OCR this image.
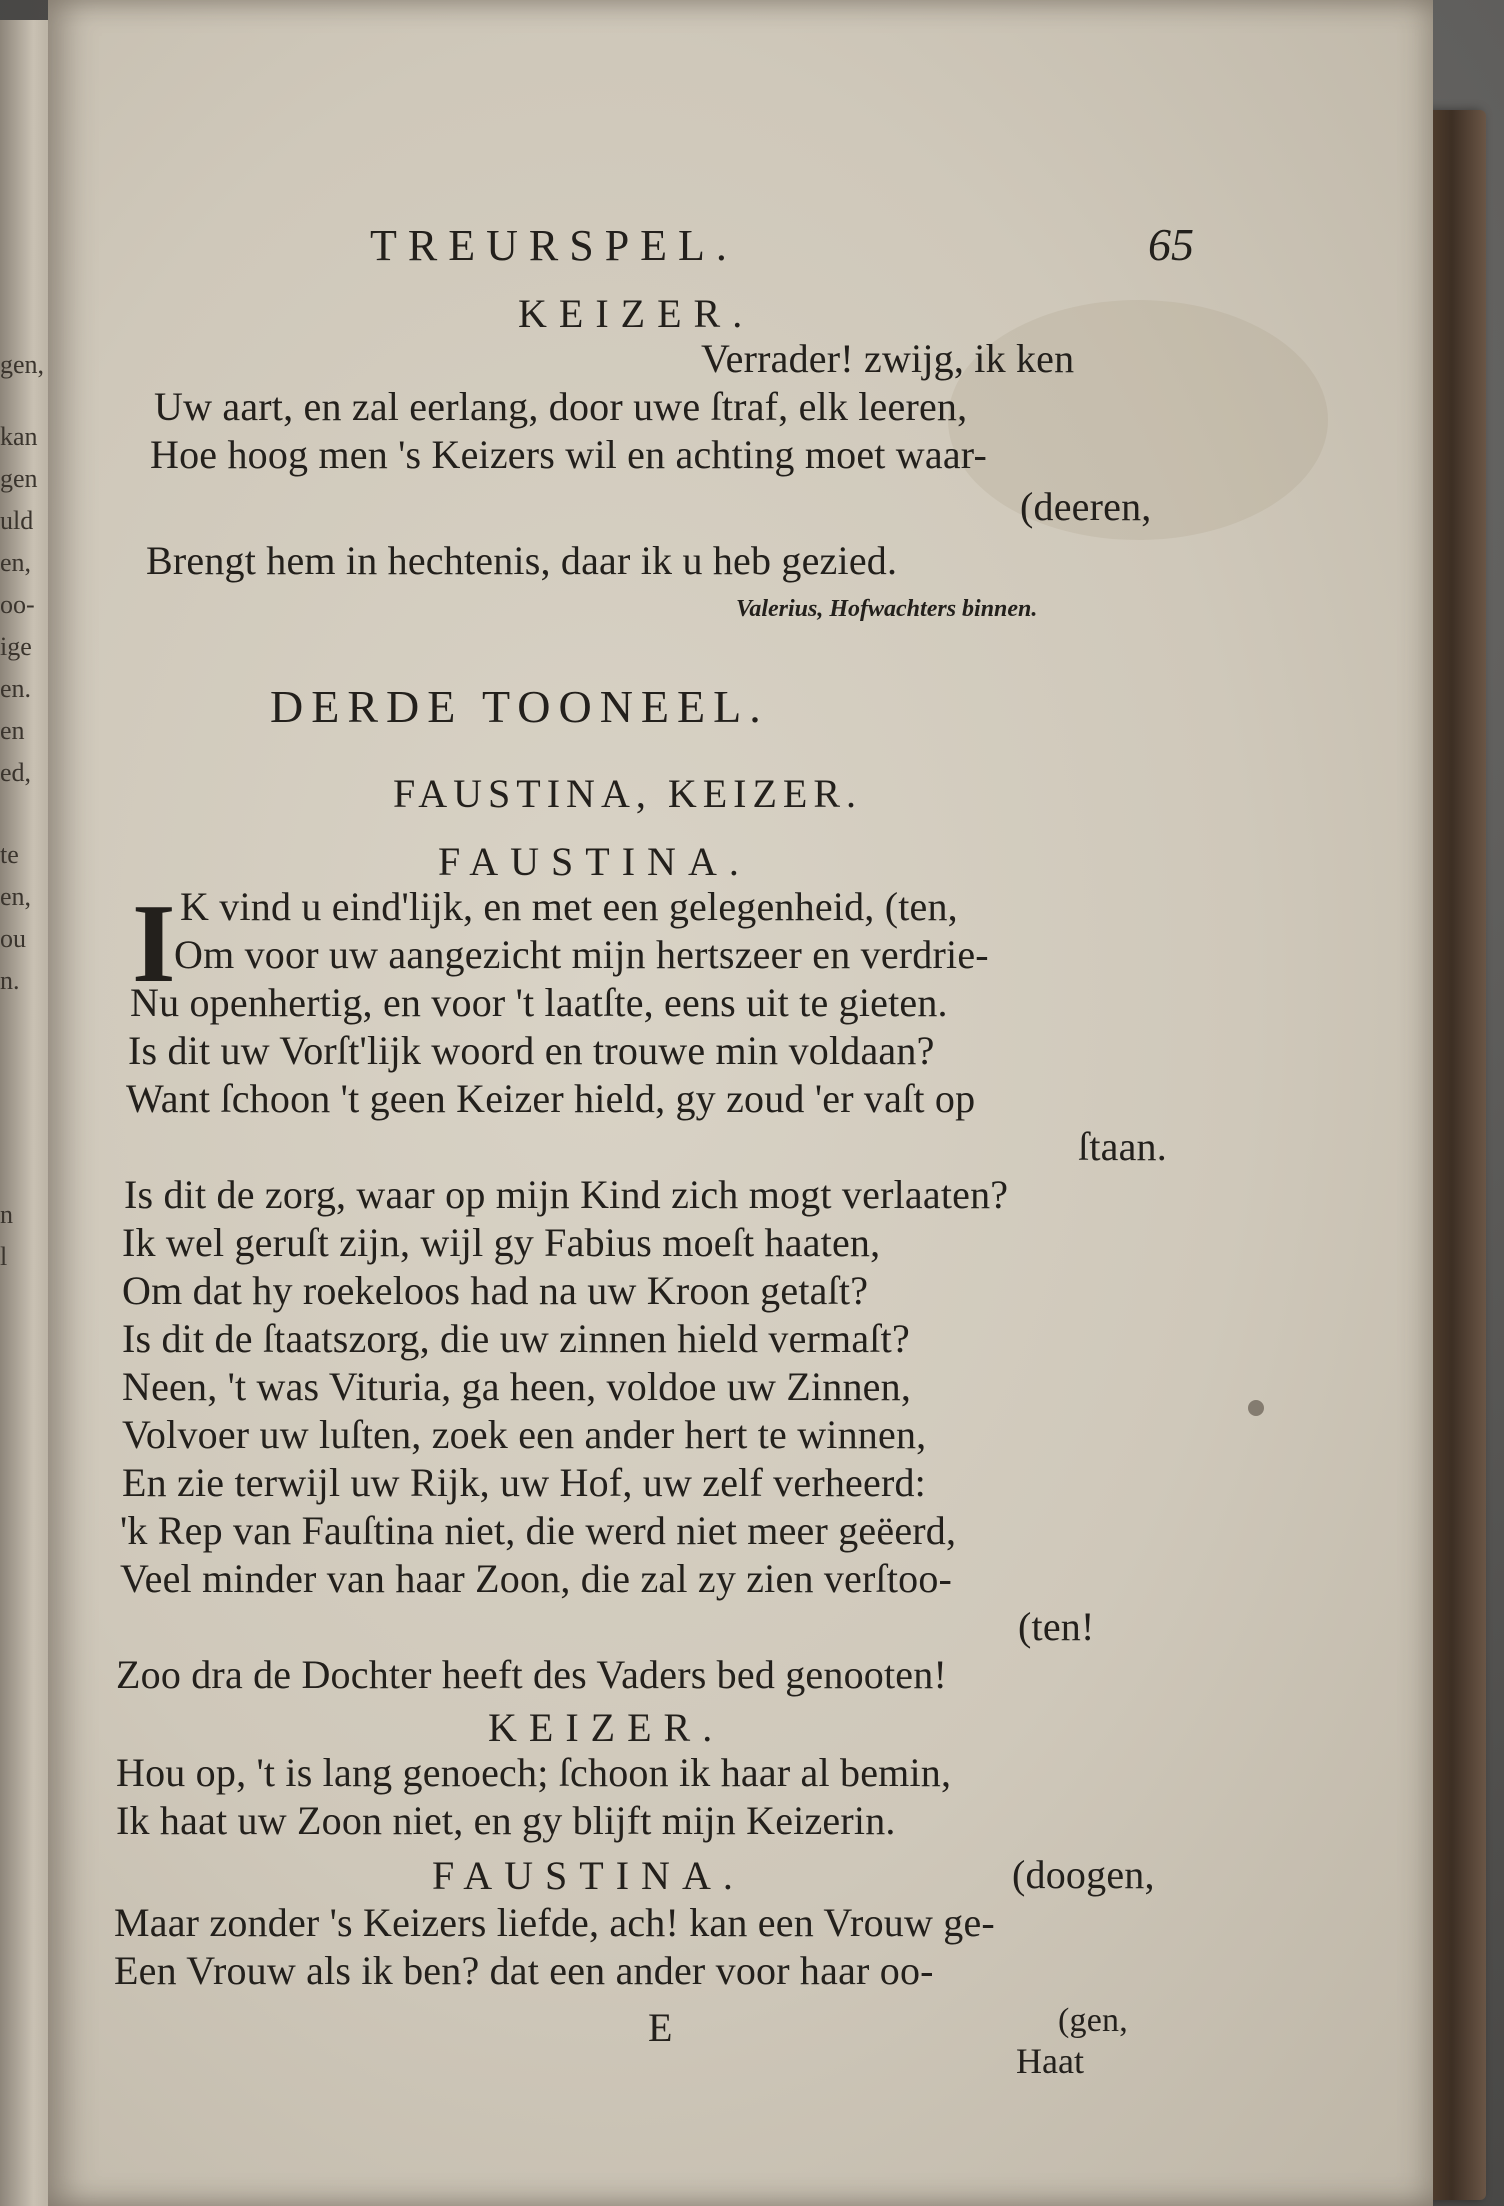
gen,
kan
gen
uld
en,
oo-
ige
en.
en
ed,
te
en,
ou
n.
n
l
TREURSPEL.	65
KEIZER.
Verrader! zwijg, ik ken
Uw aart, en zal eerlang, door uwe ſtraf, elk leeren,
Hoe hoog men 's Keizers wil en achting moet waar-
(deeren,
Brengt hem in hechtenis, daar ik u heb gezied.
Valerius, Hofwachters binnen.
DERDE TOONEEL.
FAUSTINA, KEIZER.
FAUSTINA.
I K vind u eind'lijk, en met een gelegenheid, (ten,
Om voor uw aangezicht mijn hertszeer en verdrie-
Nu openhertig, en voor 't laatſte, eens uit te gieten.
Is dit uw Vorſt'lijk woord en trouwe min voldaan?
Want ſchoon 't geen Keizer hield, gy zoud 'er vaſt op
ſtaan.
Is dit de zorg, waar op mijn Kind zich mogt verlaaten?
Ik wel geruſt zijn, wijl gy Fabius moeſt haaten,
Om dat hy roekeloos had na uw Kroon getaſt?
Is dit de ſtaatszorg, die uw zinnen hield vermaſt?
Neen, 't was Vituria, ga heen, voldoe uw Zinnen,
Volvoer uw luſten, zoek een ander hert te winnen,
En zie terwijl uw Rijk, uw Hof, uw zelf verheerd:
'k Rep van Fauſtina niet, die werd niet meer geëerd,
Veel minder van haar Zoon, die zal zy zien verſtoo-
(ten!
Zoo dra de Dochter heeft des Vaders bed genooten!
KEIZER.
Hou op, 't is lang genoech; ſchoon ik haar al bemin,
Ik haat uw Zoon niet, en gy blijft mijn Keizerin.
FAUSTINA.	(doogen,
Maar zonder 's Keizers liefde, ach! kan een Vrouw ge-
Een Vrouw als ik ben? dat een ander voor haar oo-
(gen,
E
Haat
